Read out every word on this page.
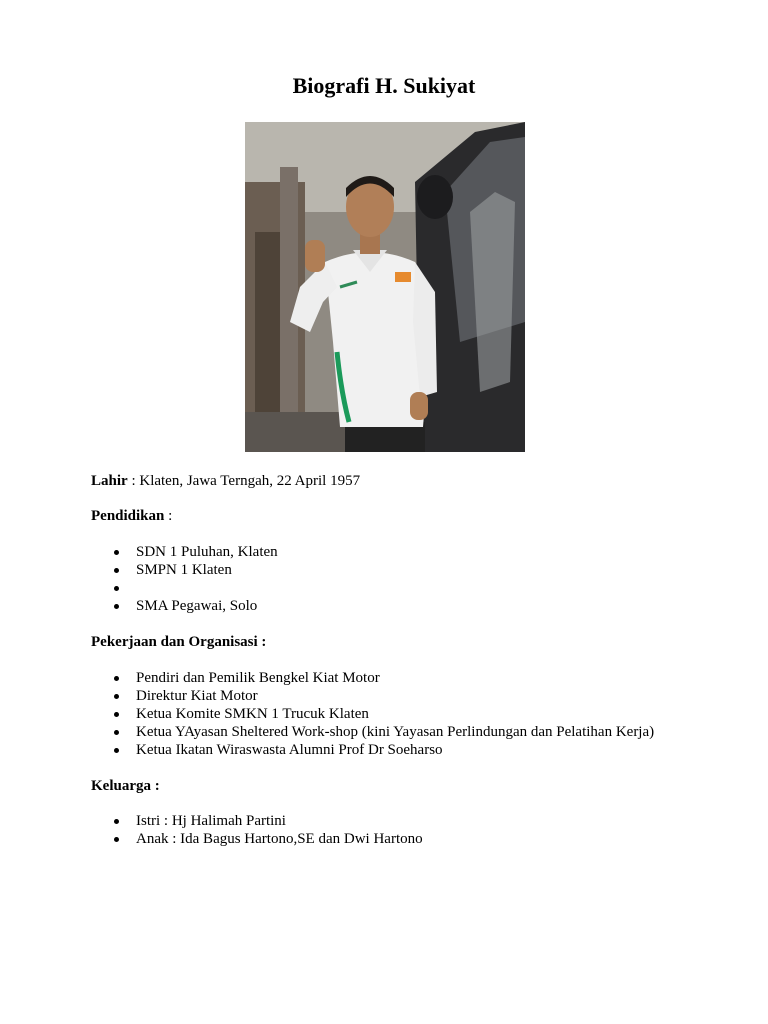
Biografi H. Sukiyat
Lahir : Klaten, Jawa Terngah, 22 April 1957
Pendidikan :
SDN 1 Puluhan, Klaten
SMPN 1 Klaten
SMA Pegawai, Solo
Pekerjaan dan Organisasi :
Pendiri dan Pemilik Bengkel Kiat Motor
Direktur Kiat Motor
Ketua Komite SMKN 1 Trucuk Klaten
Ketua YAyasan Sheltered Work-shop (kini Yayasan Perlindungan dan Pelatihan Kerja)
Ketua Ikatan Wiraswasta Alumni Prof Dr Soeharso
Keluarga :
Istri : Hj Halimah Partini
Anak : Ida Bagus Hartono,SE dan Dwi Hartono
